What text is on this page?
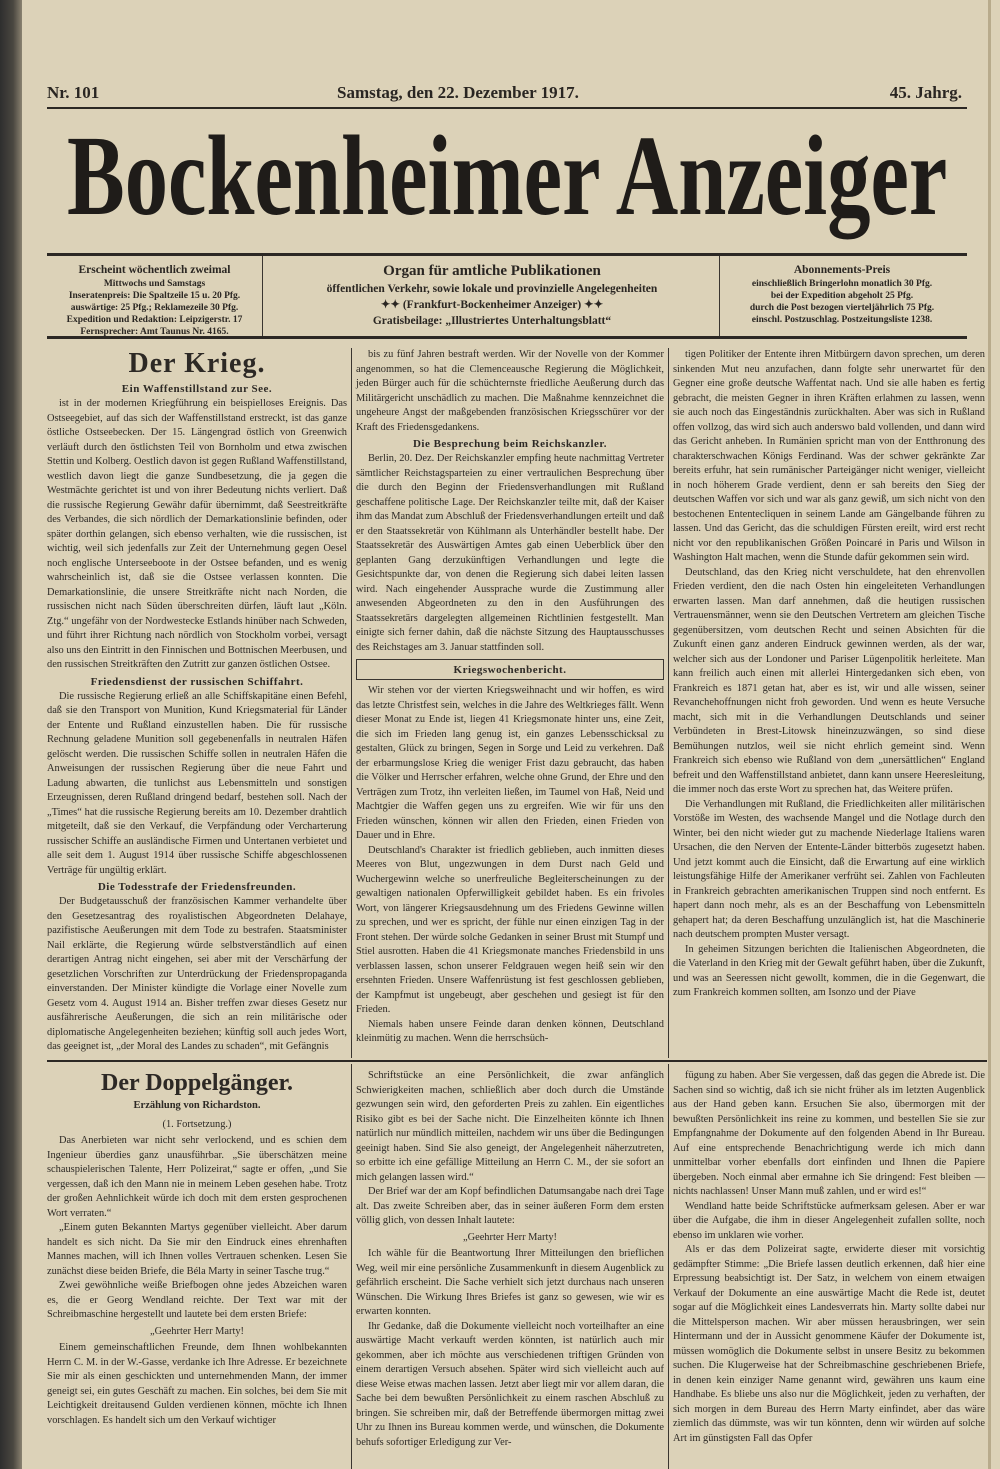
Nr. 101	Samstag, den 22. Dezember 1917.	45. Jahrg.
Bockenheimer Anzeiger
Erscheint wöchentlich zweimal
Mittwochs und Samstags
Inseratenpreis: Die Spaltzeile 15 u. 20 Pfg.
auswärtige: 25 Pfg.; Reklamezeile 30 Pfg.
Expedition und Redaktion: Leipzigerstr. 17
Fernsprecher: Amt Taunus Nr. 4165.
Organ für amtliche Publikationen
öffentlichen Verkehr, sowie lokale und provinzielle Angelegenheiten
✦✦ (Frankfurt-Bockenheimer Anzeiger) ✦✦
Gratisbeilage: „Illustriertes Unterhaltungsblatt“
Abonnements-Preis
einschließlich Bringerlohn monatlich 30 Pfg.
bei der Expedition abgeholt 25 Pfg.
durch die Post bezogen vierteljährlich 75 Pfg.
einschl. Postzuschlag. Postzeitungsliste 1238.
Der Krieg.
Ein Waffenstillstand zur See.

ist in der modernen Kriegführung ein beispielloses Ereignis. Das Ostseegebiet, auf das sich der Waffenstillstand erstreckt, ist das ganze östliche Ostseebecken. Der 15. Längengrad östlich von Greenwich verläuft durch den östlichsten Teil von Bornholm und etwa zwischen Stettin und Kolberg. Oestlich davon ist gegen Rußland Waffenstillstand, westlich davon liegt die ganze Sundbesetzung, die ja gegen die Westmächte gerichtet ist und von ihrer Bedeutung nichts verliert. Daß die russische Regierung Gewähr dafür übernimmt, daß Seestreitkräfte des Verbandes, die sich nördlich der Demarkationslinie befinden, oder später dorthin gelangen, sich ebenso verhalten, wie die russischen, ist wichtig, weil sich jedenfalls zur Zeit der Unternehmung gegen Oesel noch englische Unterseeboote in der Ostsee befanden, und es wenig wahrscheinlich ist, daß sie die Ostsee verlassen konnten. Die Demarkationslinie, die unsere Streitkräfte nicht nach Norden, die russischen nicht nach Süden überschreiten dürfen, läuft laut „Köln. Ztg.“ ungefähr von der Nordwestecke Estlands hinüber nach Schweden, und führt ihrer Richtung nach nördlich von Stockholm vorbei, versagt also uns den Eintritt in den Finnischen und Bottnischen Meerbusen, und den russischen Streitkräften den Zutritt zur ganzen östlichen Ostsee.

Friedensdienst der russischen Schiffahrt.

Die russische Regierung erließ an alle Schiffskapitäne einen Befehl, daß sie den Transport von Munition, Kund Kriegsmaterial für Länder der Entente und Rußland einzustellen haben. Die für russische Rechnung geladene Munition soll gegebenenfalls in neutralen Häfen gelöscht werden. Die russischen Schiffe sollen in neutralen Häfen die Anweisungen der russischen Regierung über die neue Fahrt und Ladung abwarten, die tunlichst aus Lebensmitteln und sonstigen Erzeugnissen, deren Rußland dringend bedarf, bestehen soll. Nach der „Times“ hat die russische Regierung bereits am 10. Dezember drahtlich mitgeteilt, daß sie den Verkauf, die Verpfändung oder Vercharterung russischer Schiffe an ausländische Firmen und Untertanen verbietet und alle seit dem 1. August 1914 über russische Schiffe abgeschlossenen Verträge für ungültig erklärt.

Die Todesstrafe der Friedensfreunden.

Der Budgetausschuß der französischen Kammer verhandelte über den Gesetzesantrag des royalistischen Abgeordneten Delahaye, pazifistische Aeußerungen mit dem Tode zu bestrafen. Staatsminister Nail erklärte, die Regierung würde selbstverständlich auf einen derartigen Antrag nicht eingehen, sei aber mit der Verschärfung der gesetzlichen Vorschriften zur Unterdrückung der Friedenspropaganda einverstanden. Der Minister kündigte die Vorlage einer Novelle zum Gesetz vom 4. August 1914 an. Bisher treffen zwar dieses Gesetz nur ausfährerische Aeußerungen, die sich an rein militärische oder diplomatische Angelegenheiten beziehen; künftig soll auch jedes Wort, das geeignet ist, „der Moral des Landes zu schaden“, mit Gefängnis

bis zu fünf Jahren bestraft werden. Wir der Novelle von der Kommer angenommen, so hat die Clemenceausche Regierung die Möglichkeit, jeden Bürger auch für die schüchternste friedliche Aeußerung durch das Militärgericht unschädlich zu machen. Die Maßnahme kennzeichnet die ungeheure Angst der maßgebenden französischen Kriegsschürer vor der Kraft des Friedensgedankens.

Die Besprechung beim Reichskanzler.

Berlin, 20. Dez. Der Reichskanzler empfing heute nachmittag Vertreter sämtlicher Reichstagsparteien zu einer vertraulichen Besprechung über die durch den Beginn der Friedensverhandlungen mit Rußland geschaffene politische Lage. Der Reichskanzler teilte mit, daß der Kaiser ihm das Mandat zum Abschluß der Friedensverhandlungen erteilt und daß er den Staatssekretär von Kühlmann als Unterhändler bestellt habe. Der Staatssekretär des Auswärtigen Amtes gab einen Ueberblick über den geplanten Gang derzukünftigen Verhandlungen und legte die Gesichtspunkte dar, von denen die Regierung sich dabei leiten lassen wird. Nach eingehender Aussprache wurde die Zustimmung aller anwesenden Abgeordneten zu den in den Ausführungen des Staatssekretärs dargelegten allgemeinen Richtlinien festgestellt. Man einigte sich ferner dahin, daß die nächste Sitzung des Hauptausschusses des Reichstages am 3. Januar stattfinden soll.

Kriegswochenbericht.

Wir stehen vor der vierten Kriegsweihnacht und wir hoffen, es wird das letzte Christfest sein, welches in die Jahre des Weltkrieges fällt. Wenn dieser Monat zu Ende ist, liegen 41 Kriegsmonate hinter uns, eine Zeit, die sich im Frieden lang genug ist, ein ganzes Lebensschicksal zu gestalten, Glück zu bringen, Segen in Sorge und Leid zu verkehren. Daß der erbarmungslose Krieg die weniger Frist dazu gebraucht, das haben die Völker und Herrscher erfahren, welche ohne Grund, der Ehre und den Verträgen zum Trotz, ihn verleiten ließen, im Taumel von Haß, Neid und Machtgier die Waffen gegen uns zu ergreifen. Wie wir für uns den Frieden wünschen, können wir allen den Frieden, einen Frieden von Dauer und in Ehre.

Deutschland's Charakter ist friedlich geblieben, auch inmitten dieses Meeres von Blut, ungezwungen in dem Durst nach Geld und Wuchergewinn welche so unerfreuliche Begleiterscheinungen zu der gewaltigen nationalen Opferwilligkeit gebildet haben. Es ein frivoles Wort, von längerer Kriegsausdehnung um des Friedens Gewinne willen zu sprechen, und wer es spricht, der fühle nur einen einzigen Tag in der Front stehen. Der würde solche Gedanken in seiner Brust mit Stumpf und Stiel ausrotten. Haben die 41 Kriegsmonate manches Friedensbild in uns verblassen lassen, schon unserer Feldgrauen wegen heiß sein wir den ersehnten Frieden. Unsere Waffenrüstung ist fest geschlossen geblieben, der Kampfmut ist ungebeugt, aber geschehen und gesiegt ist für den Frieden.

Niemals haben unsere Feinde daran denken können, Deutschland kleinmütig zu machen. Wenn die herrschsüch-

tigen Politiker der Entente ihren Mitbürgern davon sprechen, um deren sinkenden Mut neu anzufachen, dann folgte sehr unerwartet für den Gegner eine große deutsche Waffentat nach. Und sie alle haben es fertig gebracht, die meisten Gegner in ihren Kräften erlahmen zu lassen, wenn sie auch noch das Eingeständnis zurückhalten. Aber was sich in Rußland offen vollzog, das wird sich auch anderswo bald vollenden, und dann wird das Gericht anheben. In Rumänien spricht man von der Entthronung des charakterschwachen Königs Ferdinand. Was der schwer gekränkte Zar bereits erfuhr, hat sein rumänischer Parteigänger nicht weniger, vielleicht in noch höherem Grade verdient, denn er sah bereits den Sieg der deutschen Waffen vor sich und war als ganz gewiß, um sich nicht von den bestochenen Ententecliquen in seinem Lande am Gängelbande führen zu lassen. Und das Gericht, das die schuldigen Fürsten ereilt, wird erst recht nicht vor den republikanischen Größen Poincaré in Paris und Wilson in Washington Halt machen, wenn die Stunde dafür gekommen sein wird.

Deutschland, das den Krieg nicht verschuldete, hat den ehrenvollen Frieden verdient, den die nach Osten hin eingeleiteten Verhandlungen erwarten lassen. Man darf annehmen, daß die heutigen russischen Vertrauensmänner, wenn sie den Deutschen Vertretern am gleichen Tische gegenübersitzen, vom deutschen Recht und seinen Absichten für die Zukunft einen ganz anderen Eindruck gewinnen werden, als der war, welcher sich aus der Londoner und Pariser Lügenpolitik herleitete. Man kann freilich auch einen mit allerlei Hintergedanken sich eben, von Frankreich es 1871 getan hat, aber es ist, wir und alle wissen, seiner Revanchehoffnungen nicht froh geworden. Und wenn es heute Versuche macht, sich mit in die Verhandlungen Deutschlands und seiner Verbündeten in Brest-Litowsk hineinzuzwängen, so sind diese Bemühungen nutzlos, weil sie nicht ehrlich gemeint sind. Wenn Frankreich sich ebenso wie Rußland von dem „unersättlichen“ England befreit und den Waffenstillstand anbietet, dann kann unsere Heeresleitung, die immer noch das erste Wort zu sprechen hat, das Weitere prüfen.

Die Verhandlungen mit Rußland, die Friedlichkeiten aller militärischen Vorstöße im Westen, des wachsende Mangel und die Notlage durch den Winter, bei den nicht wieder gut zu machende Niederlage Italiens waren Ursachen, die den Nerven der Entente-Länder bitterbös zugesetzt haben. Und jetzt kommt auch die Einsicht, daß die Erwartung auf eine wirklich leistungsfähige Hilfe der Amerikaner verfrüht sei. Zahlen von Fachleuten in Frankreich gebrachten amerikanischen Truppen sind noch entfernt. Es hapert dann noch mehr, als es an der Beschaffung von Lebensmitteln gehapert hat; da deren Beschaffung unzulänglich ist, hat die Maschinerie nach deutschem prompten Muster versagt.

In geheimen Sitzungen berichten die Italienischen Abgeordneten, die die Vaterland in den Krieg mit der Gewalt geführt haben, über die Zukunft, und was an Seeressen nicht gewollt, kommen, die in die Gegenwart, die zum Frankreich kommen sollten, am Isonzo und der Piave

Der Doppelgänger.
Erzählung von Richardston.
(1. Fortsetzung.)

Das Anerbieten war nicht sehr verlockend, und es schien dem Ingenieur überdies ganz unausführbar. „Sie überschätzen meine schauspielerischen Talente, Herr Polizeirat,“ sagte er offen, „und Sie vergessen, daß ich den Mann nie in meinem Leben gesehen habe. Trotz der großen Aehnlichkeit würde ich doch mit dem ersten gesprochenen Wort verraten.“

„Einem guten Bekannten Martys gegenüber vielleicht. Aber darum handelt es sich nicht. Da Sie mir den Eindruck eines ehrenhaften Mannes machen, will ich Ihnen volles Vertrauen schenken. Lesen Sie zunächst diese beiden Briefe, die Béla Marty in seiner Tasche trug.“

Zwei gewöhnliche weiße Briefbogen ohne jedes Abzeichen waren es, die er Georg Wendland reichte. Der Text war mit der Schreibmaschine hergestellt und lautete bei dem ersten Briefe:

„Geehrter Herr Marty!

Einem gemeinschaftlichen Freunde, dem Ihnen wohlbekannten Herrn C. M. in der W.-Gasse, verdanke ich Ihre Adresse. Er bezeichnete Sie mir als einen geschickten und unternehmenden Mann, der immer geneigt sei, ein gutes Geschäft zu machen. Ein solches, bei dem Sie mit Leichtigkeit dreitausend Gulden verdienen können, möchte ich Ihnen vorschlagen. Es handelt sich um den Verkauf wichtiger

Schriftstücke an eine Persönlichkeit, die zwar anfänglich Schwierigkeiten machen, schließlich aber doch durch die Umstände gezwungen sein wird, den geforderten Preis zu zahlen. Ein eigentliches Risiko gibt es bei der Sache nicht. Die Einzelheiten könnte ich Ihnen natürlich nur mündlich mitteilen, nachdem wir uns über die Bedingungen geeinigt haben. Sind Sie also geneigt, der Angelegenheit näherzutreten, so erbitte ich eine gefällige Mitteilung an Herrn C. M., der sie sofort an mich gelangen lassen wird.“

Der Brief war der am Kopf befindlichen Datumsangabe nach drei Tage alt. Das zweite Schreiben aber, das in seiner äußeren Form dem ersten völlig glich, von dessen Inhalt lautete:

„Geehrter Herr Marty!

Ich wähle für die Beantwortung Ihrer Mitteilungen den brieflichen Weg, weil mir eine persönliche Zusammenkunft in diesem Augenblick zu gefährlich erscheint. Die Sache verhielt sich jetzt durchaus nach unseren Wünschen. Die Wirkung Ihres Briefes ist ganz so gewesen, wie wir es erwarten konnten.

Ihr Gedanke, daß die Dokumente vielleicht noch vorteilhafter an eine auswärtige Macht verkauft werden könnten, ist natürlich auch mir gekommen, aber ich möchte aus verschiedenen triftigen Gründen von einem derartigen Versuch absehen. Später wird sich vielleicht auch auf diese Weise etwas machen lassen. Jetzt aber liegt mir vor allem daran, die Sache bei dem bewußten Persönlichkeit zu einem raschen Abschluß zu bringen. Sie schreiben mir, daß der Betreffende übermorgen mittag zwei Uhr zu Ihnen ins Bureau kommen werde, und wünschen, die Dokumente behufs sofortiger Erledigung zur Ver-

fügung zu haben. Aber Sie vergessen, daß das gegen die Abrede ist. Die Sachen sind so wichtig, daß ich sie nicht früher als im letzten Augenblick aus der Hand geben kann. Ersuchen Sie also, übermorgen mit der bewußten Persönlichkeit ins reine zu kommen, und bestellen Sie sie zur Empfangnahme der Dokumente auf den folgenden Abend in Ihr Bureau. Auf eine entsprechende Benachrichtigung werde ich mich dann unmittelbar vorher ebenfalls dort einfinden und Ihnen die Papiere übergeben. Noch einmal aber ermahne ich Sie dringend: Fest bleiben — nichts nachlassen! Unser Mann muß zahlen, und er wird es!“

Wendland hatte beide Schriftstücke aufmerksam gelesen. Aber er war über die Aufgabe, die ihm in dieser Angelegenheit zufallen sollte, noch ebenso im unklaren wie vorher.

Als er das dem Polizeirat sagte, erwiderte dieser mit vorsichtig gedämpfter Stimme: „Die Briefe lassen deutlich erkennen, daß hier eine Erpressung beabsichtigt ist. Der Satz, in welchem von einem etwaigen Verkauf der Dokumente an eine auswärtige Macht die Rede ist, deutet sogar auf die Möglichkeit eines Landesverrats hin. Marty sollte dabei nur die Mittelsperson machen. Wir aber müssen herausbringen, wer sein Hintermann und der in Aussicht genommene Käufer der Dokumente ist, müssen womöglich die Dokumente selbst in unsere Besitz zu bekommen suchen. Die Klugerweise hat der Schreibmaschine geschriebenen Briefe, in denen kein einziger Name genannt wird, gewähren uns kaum eine Handhabe. Es bliebe uns also nur die Möglichkeit, jeden zu verhaften, der sich morgen in dem Bureau des Herrn Marty einfindet, aber das wäre ziemlich das dümmste, was wir tun könnten, denn wir würden auf solche Art im günstigsten Fall das Opfer
